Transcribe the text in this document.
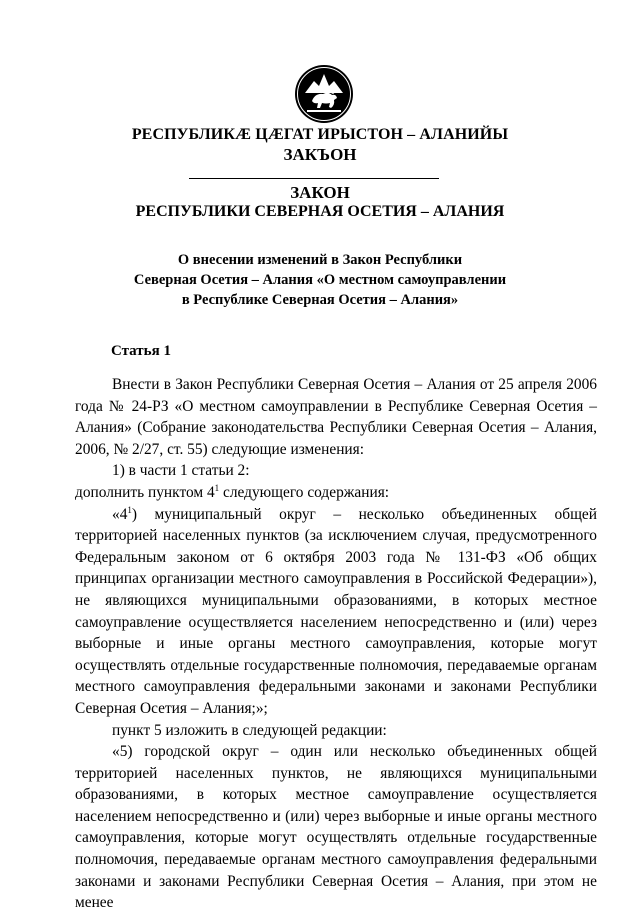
РЕСПУБЛИКÆ ЦÆГАТ ИРЫСТОН – АЛАНИЙЫ
ЗАКЪОН
ЗАКОН
РЕСПУБЛИКИ СЕВЕРНАЯ ОСЕТИЯ – АЛАНИЯ
О внесении изменений в Закон Республики
Северная Осетия – Алания «О местном самоуправлении
в Республике Северная Осетия – Алания»
Статья 1

Внести в Закон Республики Северная Осетия – Алания от 25 апреля 2006 года № 24-РЗ «О местном самоуправлении в Республике Северная Осетия – Алания» (Собрание законодательства Республики Северная Осетия – Алания, 2006, № 2/27, ст. 55) следующие изменения:

1) в части 1 статьи 2:

дополнить пунктом $4^1$ следующего содержания:

«$4^1$) муниципальный округ – несколько объединенных общей территорией населенных пунктов (за исключением случая, предусмотренного Федеральным законом от 6 октября 2003 года № 131-ФЗ «Об общих принципах организации местного самоуправления в Российской Федерации»), не являющихся муниципальными образованиями, в которых местное самоуправление осуществляется населением непосредственно и (или) через выборные и иные органы местного самоуправления, которые могут осуществлять отдельные государственные полномочия, передаваемые органам местного самоуправления федеральными законами и законами Республики Северная Осетия – Алания;»;

пункт 5 изложить в следующей редакции:

«5) городской округ – один или несколько объединенных общей территорией населенных пунктов, не являющихся муниципальными образованиями, в которых местное самоуправление осуществляется населением непосредственно и (или) через выборные и иные органы местного самоуправления, которые могут осуществлять отдельные государственные полномочия, передаваемые органам местного самоуправления федеральными законами и законами Республики Северная Осетия – Алания, при этом не менее
